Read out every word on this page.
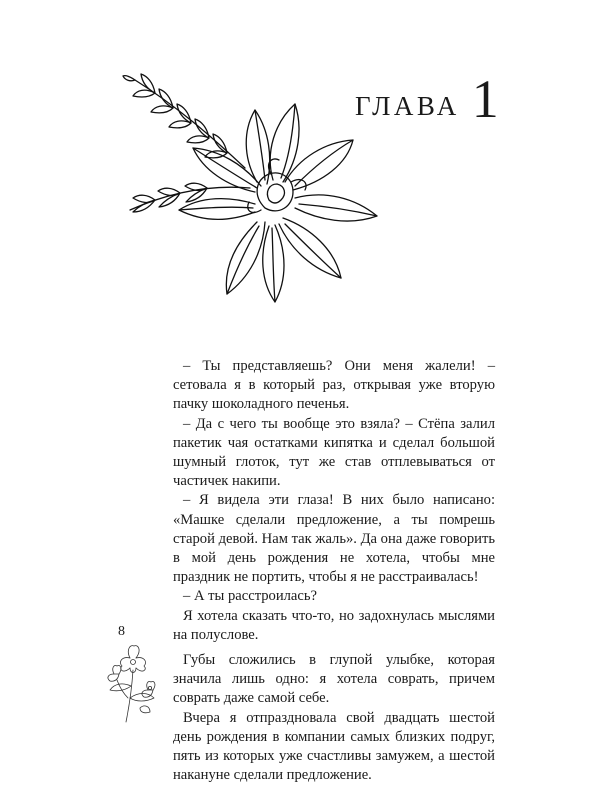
ГЛАВА 1

– Ты представляешь? Они меня жалели! – сетовала я в который раз, открывая уже вторую пачку шоколадного печенья.

– Да с чего ты вообще это взяла? – Стёпа залил пакетик чая остатками кипятка и сделал большой шумный глоток, тут же став отплевываться от частичек накипи.

– Я видела эти глаза! В них было написано: «Машке сделали предложение, а ты помрешь старой девой. Нам так жаль». Да она даже говорить в мой день рождения не хотела, чтобы мне праздник не портить, чтобы я не расстраивалась!

– А ты расстроилась?

Я хотела сказать что-то, но задохнулась мыслями на полуслове.

Губы сложились в глупой улыбке, которая значила лишь одно: я хотела соврать, причем соврать даже самой себе.

Вчера я отпраздновала свой двадцать шестой день рождения в компании самых близких подруг, пять из которых уже счастливы замужем, а шестой накануне сделали предложение.

8
